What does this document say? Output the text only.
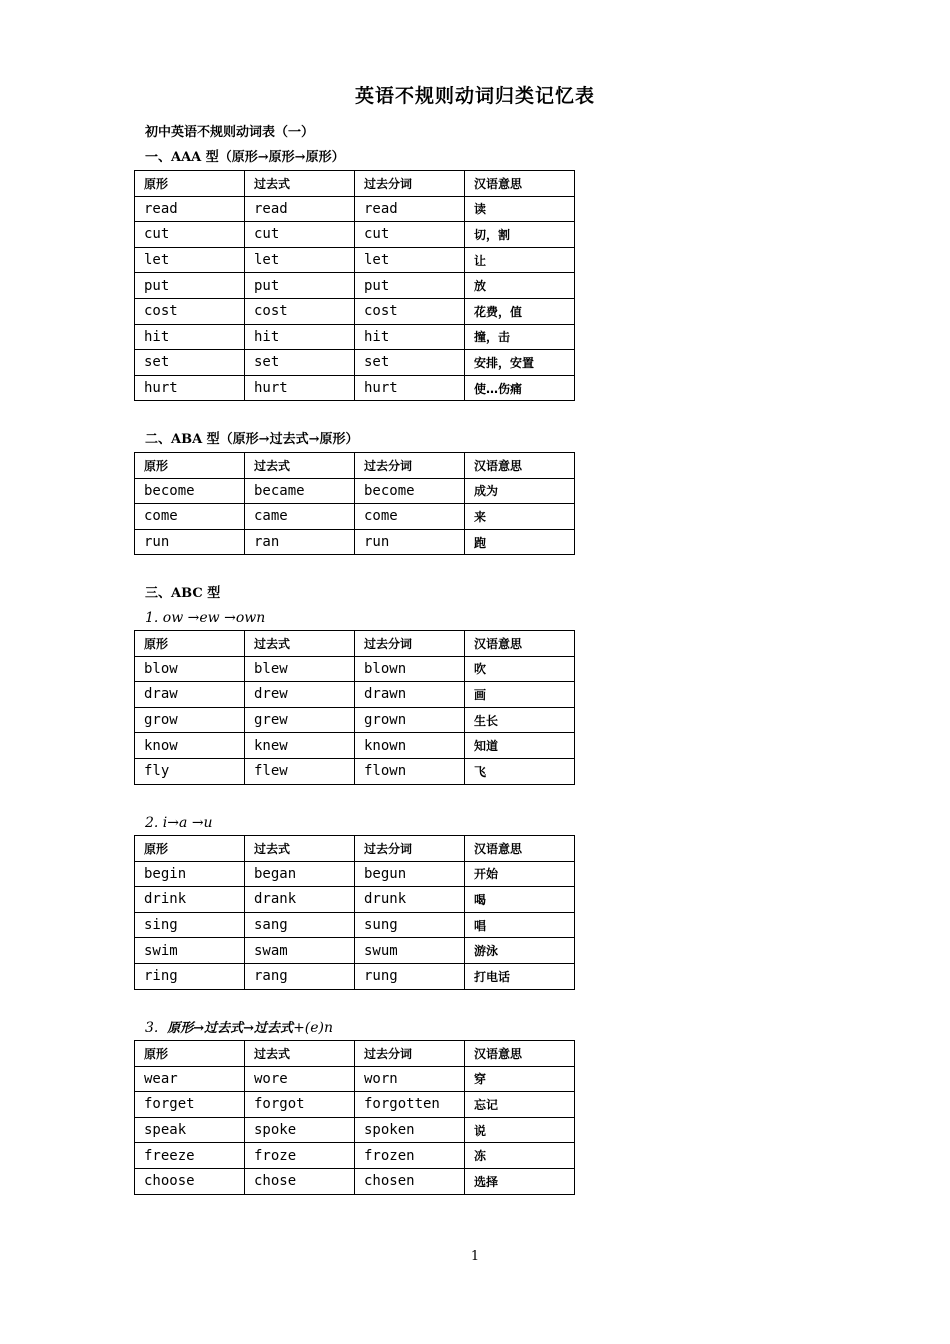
英语不规则动词归类记忆表
初中英语不规则动词表（一）
一、AAA 型（原形→原形→原形）
原形	过去式	过去分词	汉语意思
read	read	read	读
cut	cut	cut	切，割
let	let	let	让
put	put	put	放
cost	cost	cost	花费，值
hit	hit	hit	撞，击
set	set	set	安排，安置
hurt	hurt	hurt	使…伤痛
二、ABA 型（原形→过去式→原形）
原形	过去式	过去分词	汉语意思
become	became	become	成为
come	came	come	来
run	ran	run	跑
三、ABC 型
1. ow →ew →own
原形	过去式	过去分词	汉语意思
blow	blew	blown	吹
draw	drew	drawn	画
grow	grew	grown	生长
know	knew	known	知道
fly	flew	flown	飞
2. i→a →u
原形	过去式	过去分词	汉语意思
begin	began	begun	开始
drink	drank	drunk	喝
sing	sang	sung	唱
swim	swam	swum	游泳
ring	rang	rung	打电话
3. 原形→过去式→过去式+(e)n
原形	过去式	过去分词	汉语意思
wear	wore	worn	穿
forget	forgot	forgotten	忘记
speak	spoke	spoken	说
freeze	froze	frozen	冻
choose	chose	chosen	选择
1
